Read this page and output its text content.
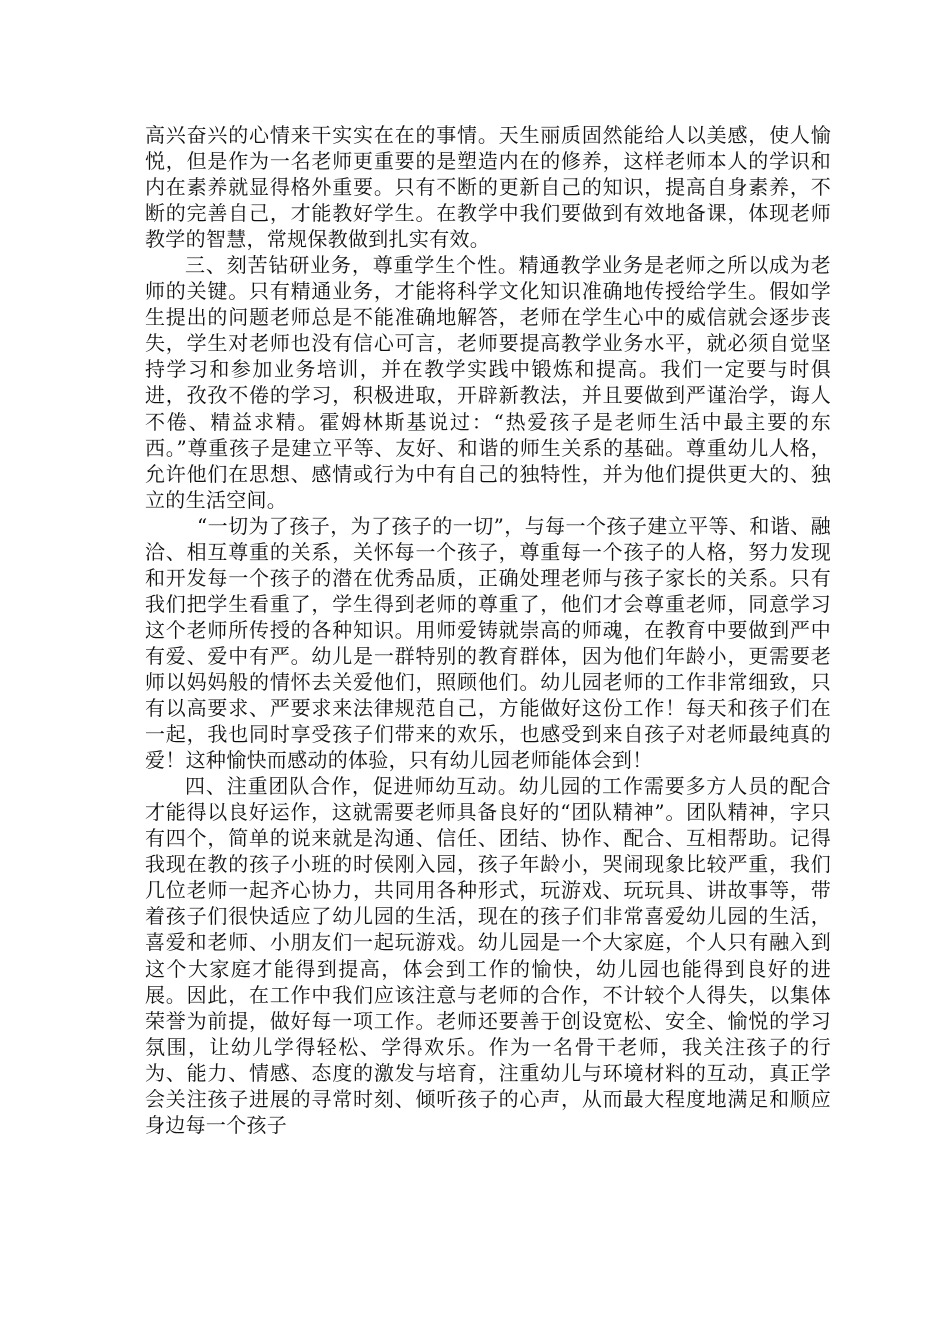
高兴奋兴的心情来干实实在在的事情。天生丽质固然能给人以美感，使人愉悦，但是作为一名老师更重要的是塑造内在的修养，这样老师本人的学识和内在素养就显得格外重要。只有不断的更新自己的知识，提高自身素养，不断的完善自己，才能教好学生。在教学中我们要做到有效地备课，体现老师教学的智慧，常规保教做到扎实有效。

三、刻苦钻研业务，尊重学生个性。精通教学业务是老师之所以成为老师的关键。只有精通业务，才能将科学文化知识准确地传授给学生。假如学生提出的问题老师总是不能准确地解答，老师在学生心中的威信就会逐步丧失，学生对老师也没有信心可言，老师要提高教学业务水平，就必须自觉坚持学习和参加业务培训，并在教学实践中锻炼和提高。我们一定要与时俱进，孜孜不倦的学习，积极进取，开辟新教法，并且要做到严谨治学，诲人不倦、精益求精。霍姆林斯基说过：“热爱孩子是老师生活中最主要的东西。”尊重孩子是建立平等、友好、和谐的师生关系的基础。尊重幼儿人格，允许他们在思想、感情或行为中有自己的独特性，并为他们提供更大的、独立的生活空间。

“一切为了孩子，为了孩子的一切”，与每一个孩子建立平等、和谐、融洽、相互尊重的关系，关怀每一个孩子，尊重每一个孩子的人格，努力发现和开发每一个孩子的潜在优秀品质，正确处理老师与孩子家长的关系。只有我们把学生看重了，学生得到老师的尊重了，他们才会尊重老师，同意学习这个老师所传授的各种知识。用师爱铸就崇高的师魂，在教育中要做到严中有爱、爱中有严。幼儿是一群特别的教育群体，因为他们年龄小，更需要老师以妈妈般的情怀去关爱他们，照顾他们。幼儿园老师的工作非常细致，只有以高要求、严要求来法律规范自己，方能做好这份工作！每天和孩子们在一起，我也同时享受孩子们带来的欢乐，也感受到来自孩子对老师最纯真的爱！这种愉快而感动的体验，只有幼儿园老师能体会到！

四、注重团队合作，促进师幼互动。幼儿园的工作需要多方人员的配合才能得以良好运作，这就需要老师具备良好的“团队精神”。团队精神，字只有四个，简单的说来就是沟通、信任、团结、协作、配合、互相帮助。记得我现在教的孩子小班的时侯刚入园，孩子年龄小，哭闹现象比较严重，我们几位老师一起齐心协力，共同用各种形式，玩游戏、玩玩具、讲故事等，带着孩子们很快适应了幼儿园的生活，现在的孩子们非常喜爱幼儿园的生活，喜爱和老师、小朋友们一起玩游戏。幼儿园是一个大家庭，个人只有融入到这个大家庭才能得到提高，体会到工作的愉快，幼儿园也能得到良好的进展。因此，在工作中我们应该注意与老师的合作，不计较个人得失，以集体荣誉为前提，做好每一项工作。老师还要善于创设宽松、安全、愉悦的学习氛围，让幼儿学得轻松、学得欢乐。作为一名骨干老师，我关注孩子的行为、能力、情感、态度的激发与培育，注重幼儿与环境材料的互动，真正学会关注孩子进展的寻常时刻、倾听孩子的心声，从而最大程度地满足和顺应身边每一个孩子
